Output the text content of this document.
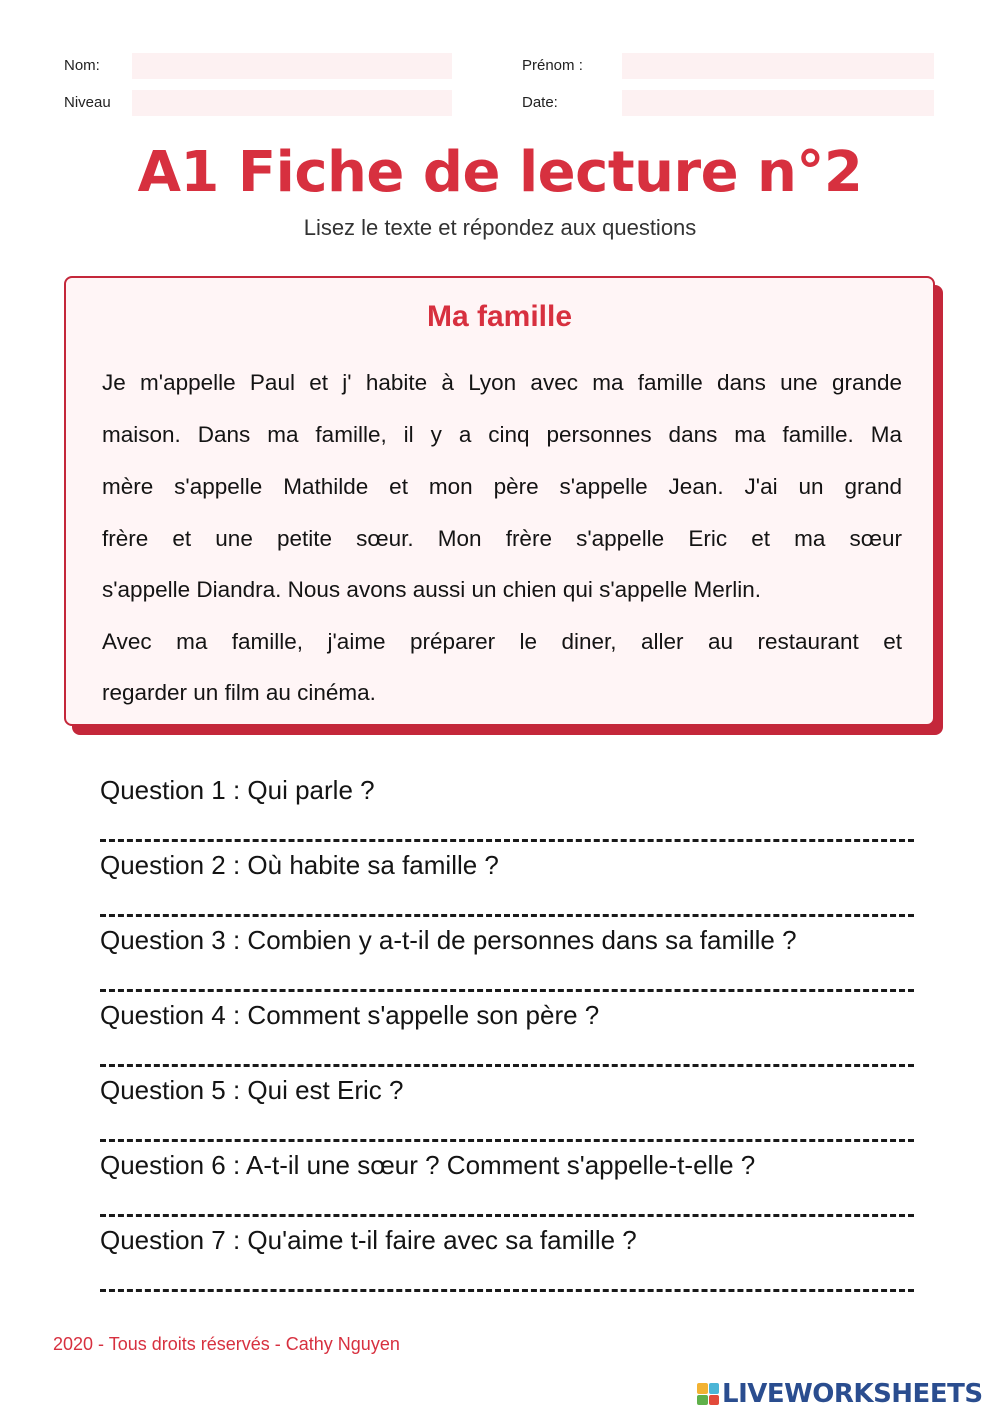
Nom:	Prénom :
Niveau	Date:
A1 Fiche de lecture n°2
Lisez le texte et répondez aux questions
Ma famille
Je m'appelle Paul et j' habite à Lyon avec ma famille dans une grande
maison. Dans ma famille, il y a cinq personnes dans ma famille. Ma
mère s'appelle Mathilde et mon père s'appelle Jean. J'ai un grand
frère et une petite sœur. Mon frère s'appelle Eric et ma sœur
s'appelle Diandra. Nous avons aussi un chien qui s'appelle Merlin.
Avec ma famille, j'aime préparer le diner, aller au restaurant et
regarder un film au cinéma.
Question 1 : Qui parle ?
Question 2 : Où habite sa famille ?
Question 3 : Combien y a-t-il de personnes dans sa famille ?
Question 4 : Comment s'appelle son père ?
Question 5 : Qui est Eric ?
Question 6 : A-t-il une sœur ? Comment s'appelle-t-elle ?
Question 7 : Qu'aime t-il faire avec sa famille ?
2020 - Tous droits réservés - Cathy Nguyen
LIVEWORKSHEETS
